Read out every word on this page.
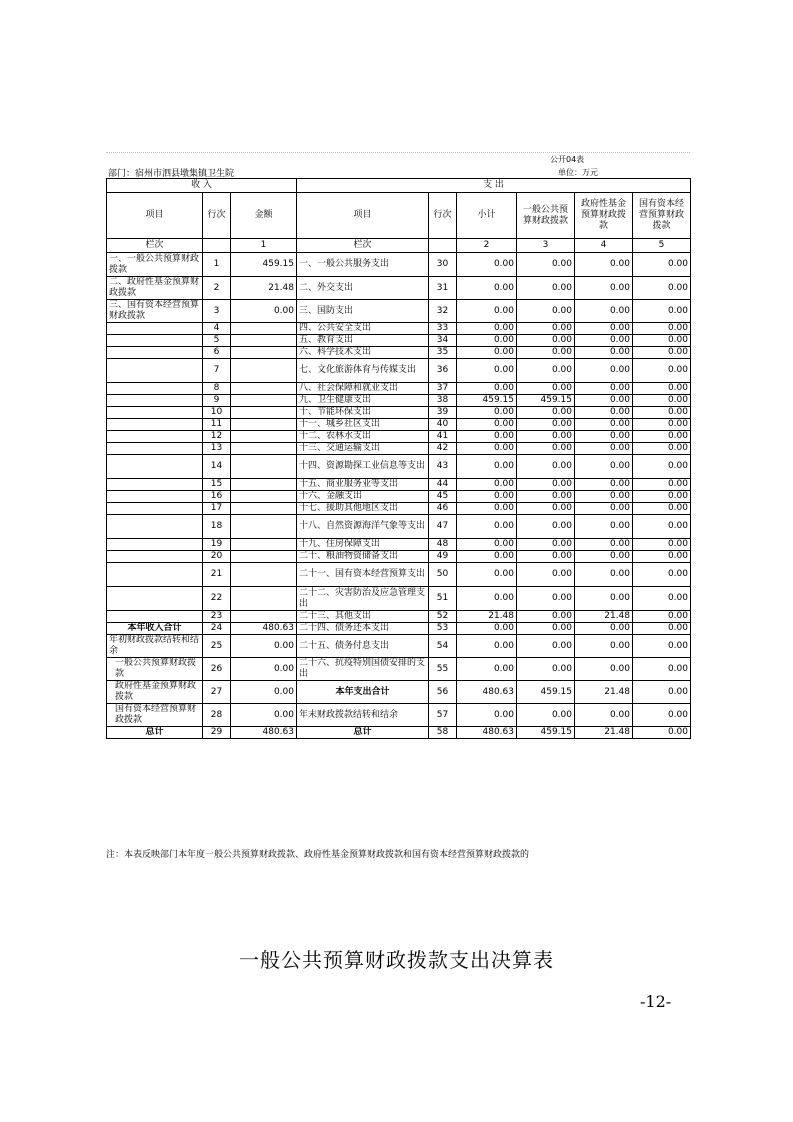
公开04表
部门：宿州市泗县墩集镇卫生院	单位：万元
收 入			支 出					
项目	行次	金额	项目	行次	小计	一般公共预算财政拨款	政府性基金预算财政拨款	国有资本经营预算财政拨款
栏次		1	栏次		2	3	4	5
一、一般公共预算财政拨款	1	459.15	一、一般公共服务支出	30	0.00	0.00	0.00	0.00
二、政府性基金预算财政拨款	2	21.48	二、外交支出	31	0.00	0.00	0.00	0.00
三、国有资本经营预算财政拨款	3	0.00	三、国防支出	32	0.00	0.00	0.00	0.00
	4		四、公共安全支出	33	0.00	0.00	0.00	0.00
	5		五、教育支出	34	0.00	0.00	0.00	0.00
	6		六、科学技术支出	35	0.00	0.00	0.00	0.00
	7		七、文化旅游体育与传媒支出	36	0.00	0.00	0.00	0.00
	8		八、社会保障和就业支出	37	0.00	0.00	0.00	0.00
	9		九、卫生健康支出	38	459.15	459.15	0.00	0.00
	10		十、节能环保支出	39	0.00	0.00	0.00	0.00
	11		十一、城乡社区支出	40	0.00	0.00	0.00	0.00
	12		十二、农林水支出	41	0.00	0.00	0.00	0.00
	13		十三、交通运输支出	42	0.00	0.00	0.00	0.00
	14		十四、资源勘探工业信息等支出	43	0.00	0.00	0.00	0.00
	15		十五、商业服务业等支出	44	0.00	0.00	0.00	0.00
	16		十六、金融支出	45	0.00	0.00	0.00	0.00
	17		十七、援助其他地区支出	46	0.00	0.00	0.00	0.00
	18		十八、自然资源海洋气象等支出	47	0.00	0.00	0.00	0.00
	19		十九、住房保障支出	48	0.00	0.00	0.00	0.00
	20		二十、粮油物资储备支出	49	0.00	0.00	0.00	0.00
	21		二十一、国有资本经营预算支出	50	0.00	0.00	0.00	0.00
	22		二十二、灾害防治及应急管理支出	51	0.00	0.00	0.00	0.00
	23		二十三、其他支出	52	21.48	0.00	21.48	0.00
本年收入合计	24	480.63	二十四、债务还本支出	53	0.00	0.00	0.00	0.00
年初财政拨款结转和结余	25	0.00	二十五、债务付息支出	54	0.00	0.00	0.00	0.00
一般公共预算财政拨款	26	0.00	二十六、抗疫特别国债安排的支出	55	0.00	0.00	0.00	0.00
政府性基金预算财政拨款	27	0.00	本年支出合计	56	480.63	459.15	21.48	0.00
国有资本经营预算财政拨款	28	0.00	年末财政拨款结转和结余	57	0.00	0.00	0.00	0.00
总计	29	480.63	总计	58	480.63	459.15	21.48	0.00
注：本表反映部门本年度一般公共预算财政拨款、政府性基金预算财政拨款和国有资本经营预算财政拨款的
一般公共预算财政拨款支出决算表
-12-
